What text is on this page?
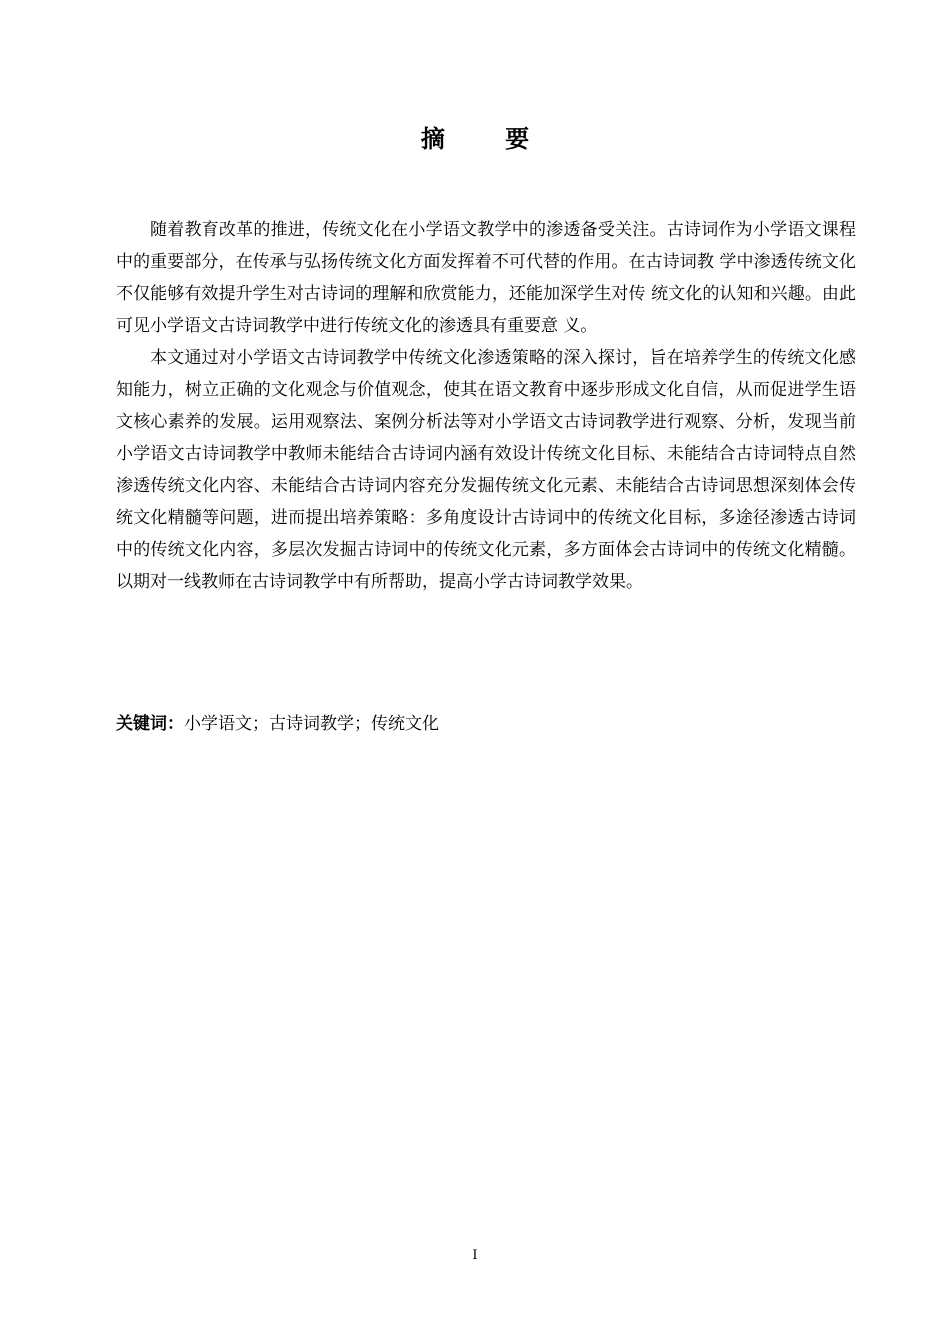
摘 要

随着教育改革的推进，传统文化在小学语文教学中的渗透备受关注。古诗词作为小学语文课程中的重要部分，在传承与弘扬传统文化方面发挥着不可代替的作用。在古诗词教 学中渗透传统文化不仅能够有效提升学生对古诗词的理解和欣赏能力，还能加深学生对传 统文化的认知和兴趣。由此可见小学语文古诗词教学中进行传统文化的渗透具有重要意 义。

本文通过对小学语文古诗词教学中传统文化渗透策略的深入探讨，旨在培养学生的传统文化感知能力，树立正确的文化观念与价值观念，使其在语文教育中逐步形成文化自信，从而促进学生语文核心素养的发展。运用观察法、案例分析法等对小学语文古诗词教学进行观察、分析，发现当前小学语文古诗词教学中教师未能结合古诗词内涵有效设计传统文化目标、未能结合古诗词特点自然渗透传统文化内容、未能结合古诗词内容充分发掘传统文化元素、未能结合古诗词思想深刻体会传统文化精髓等问题，进而提出培养策略：多角度设计古诗词中的传统文化目标，多途径渗透古诗词中的传统文化内容，多层次发掘古诗词中的传统文化元素，多方面体会古诗词中的传统文化精髓。以期对一线教师在古诗词教学中有所帮助，提高小学古诗词教学效果。

关键词：小学语文；古诗词教学；传统文化
I
